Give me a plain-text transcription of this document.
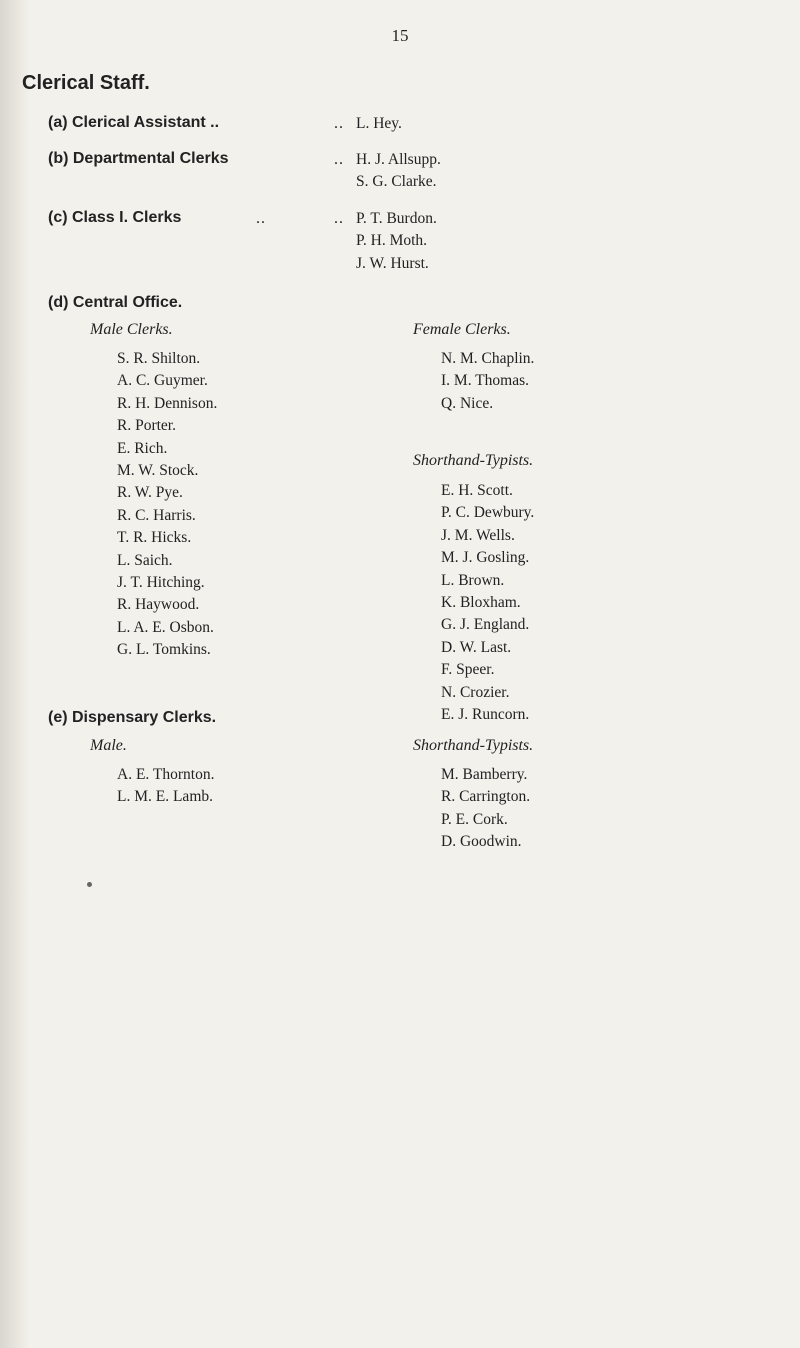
15
Clerical Staff.
(a) Clerical Assistant ..	.. L. Hey.
(b) Departmental Clerks	.. H. J. Allsupp.
S. G. Clarke.
(c) Class I. Clerks	..	.. P. T. Burdon.
P. H. Moth.
J. W. Hurst.
(d) Central Office.
Male Clerks.
S. R. Shilton.
A. C. Guymer.
R. H. Dennison.
R. Porter.
E. Rich.
M. W. Stock.
R. W. Pye.
R. C. Harris.
T. R. Hicks.
L. Saich.
J. T. Hitching.
R. Haywood.
L. A. E. Osbon.
G. L. Tomkins.
Female Clerks.
N. M. Chaplin.
I. M. Thomas.
Q. Nice.
Shorthand-Typists.
E. H. Scott.
P. C. Dewbury.
J. M. Wells.
M. J. Gosling.
L. Brown.
K. Bloxham.
G. J. England.
D. W. Last.
F. Speer.
N. Crozier.
E. J. Runcorn.
(e) Dispensary Clerks.
Male.
A. E. Thornton.
L. M. E. Lamb.
Shorthand-Typists.
M. Bamberry.
R. Carrington.
P. E. Cork.
D. Goodwin.
